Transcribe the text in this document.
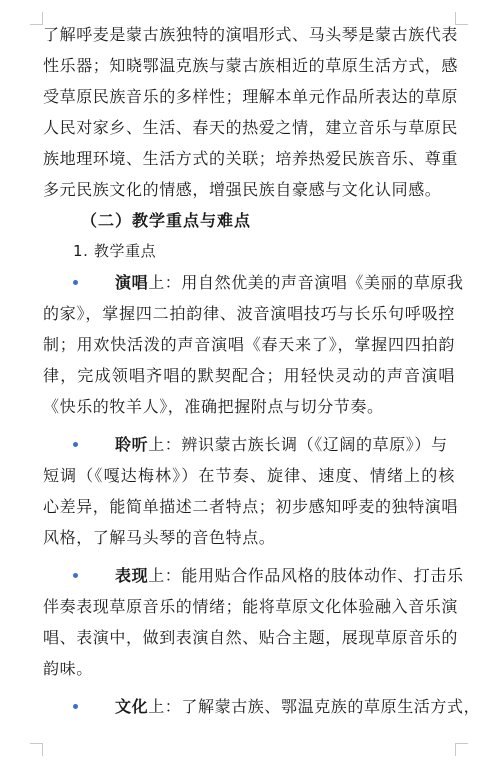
了解呼麦是蒙古族独特的演唱形式、马头琴是蒙古族代表
性乐器；知晓鄂温克族与蒙古族相近的草原生活方式，感
受草原民族音乐的多样性；理解本单元作品所表达的草原
人民对家乡、生活、春天的热爱之情，建立音乐与草原民
族地理环境、生活方式的关联；培养热爱民族音乐、尊重
多元民族文化的情感，增强民族自豪感与文化认同感。
（二）教学重点与难点
1. 教学重点
演唱上：用自然优美的声音演唱《美丽的草原我
的家》，掌握四二拍韵律、波音演唱技巧与长乐句呼吸控
制；用欢快活泼的声音演唱《春天来了》，掌握四四拍韵
律，完成领唱齐唱的默契配合；用轻快灵动的声音演唱
《快乐的牧羊人》，准确把握附点与切分节奏。
聆听上：辨识蒙古族长调（《辽阔的草原》）与
短调（《嘎达梅林》）在节奏、旋律、速度、情绪上的核
心差异，能简单描述二者特点；初步感知呼麦的独特演唱
风格，了解马头琴的音色特点。
表现上：能用贴合作品风格的肢体动作、打击乐
伴奏表现草原音乐的情绪；能将草原文化体验融入音乐演
唱、表演中，做到表演自然、贴合主题，展现草原音乐的
韵味。
文化上：了解蒙古族、鄂温克族的草原生活方式，
